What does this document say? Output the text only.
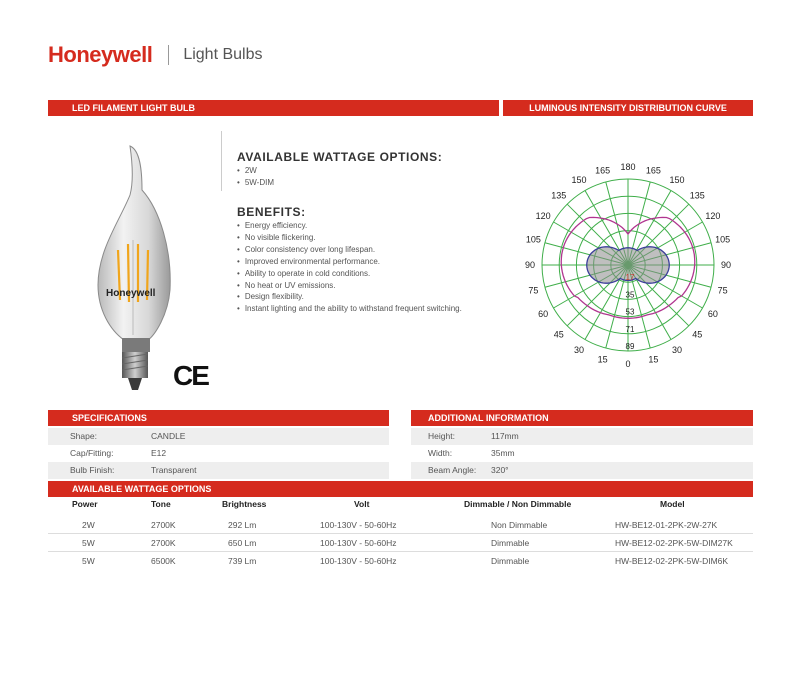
Honeywell Light Bulbs
LED FILAMENT LIGHT BULB	LUMINOUS INTENSITY DISTRIBUTION CURVE
Honeywell
CE
AVAILABLE WATTAGE OPTIONS:
• 2W
• 5W-DIM
BENEFITS:
• Energy efficiency.
• No visible flickering.
• Color consistency over long lifespan.
• Improved environmental performance.
• Ability to operate in cold conditions.
• No heat or UV emissions.
• Design flexibility.
• Instant lighting and the ability to withstand frequent switching.
180
165
150
135
120
105
90
75
60
45
30
15
165
150
135
120
105
90
75
60
45
30
15
0
17
35
53
71
89
SPECIFICATIONS
Shape:	CANDLE
Cap/Fitting:	E12
Bulb Finish:	Transparent
ADDITIONAL INFORMATION
Height:	117mm
Width:	35mm
Beam Angle: 320°
AVAILABLE WATTAGE OPTIONS
Power	Tone	Brightness	Volt	Dimmable / Non Dimmable	Model
2W	2700K	292 Lm	100-130V - 50-60Hz	Non Dimmable	HW-BE12-01-2PK-2W-27K
5W	2700K	650 Lm	100-130V - 50-60Hz	Dimmable	HW-BE12-02-2PK-5W-DIM27K
5W	6500K	739 Lm	100-130V - 50-60Hz	Dimmable	HW-BE12-02-2PK-5W-DIM6K
